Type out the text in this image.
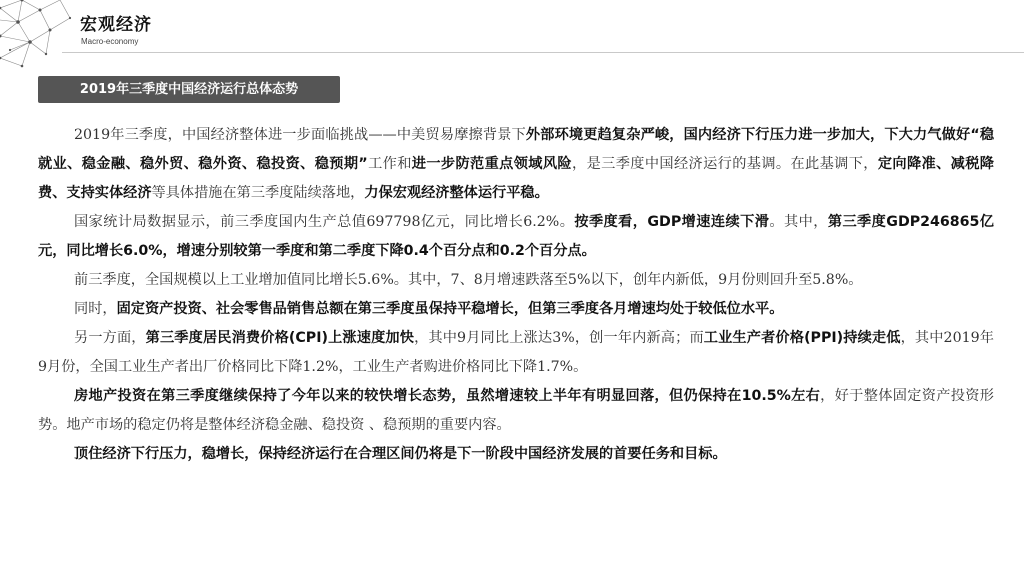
宏观经济
Macro-economy
2019年三季度中国经济运行总体态势

2019年三季度，中国经济整体进一步面临挑战——中美贸易摩擦背景下外部环境更趋复杂严峻，国内经济下行压力进一步加大，下大力气做好“稳就业、稳金融、稳外贸、稳外资、稳投资、稳预期”工作和进一步防范重点领域风险，是三季度中国经济运行的基调。在此基调下，定向降准、减税降费、支持实体经济等具体措施在第三季度陆续落地，力保宏观经济整体运行平稳。

国家统计局数据显示，前三季度国内生产总值697798亿元，同比增长6.2%。按季度看，GDP增速连续下滑。其中，第三季度GDP246865亿元，同比增长6.0%，增速分别较第一季度和第二季度下降0.4个百分点和0.2个百分点。

前三季度，全国规模以上工业增加值同比增长5.6%。其中，7、8月增速跌落至5%以下，创年内新低，9月份则回升至5.8%。

同时，固定资产投资、社会零售品销售总额在第三季度虽保持平稳增长，但第三季度各月增速均处于较低位水平。

另一方面，第三季度居民消费价格(CPI)上涨速度加快，其中9月同比上涨达3%，创一年内新高；而工业生产者价格(PPI)持续走低，其中2019年9月份，全国工业生产者出厂价格同比下降1.2%，工业生产者购进价格同比下降1.7%。

房地产投资在第三季度继续保持了今年以来的较快增长态势，虽然增速较上半年有明显回落，但仍保持在10.5%左右，好于整体固定资产投资形势。地产市场的稳定仍将是整体经济稳金融、稳投资 、稳预期的重要内容。

顶住经济下行压力，稳增长，保持经济运行在合理区间仍将是下一阶段中国经济发展的首要任务和目标。
